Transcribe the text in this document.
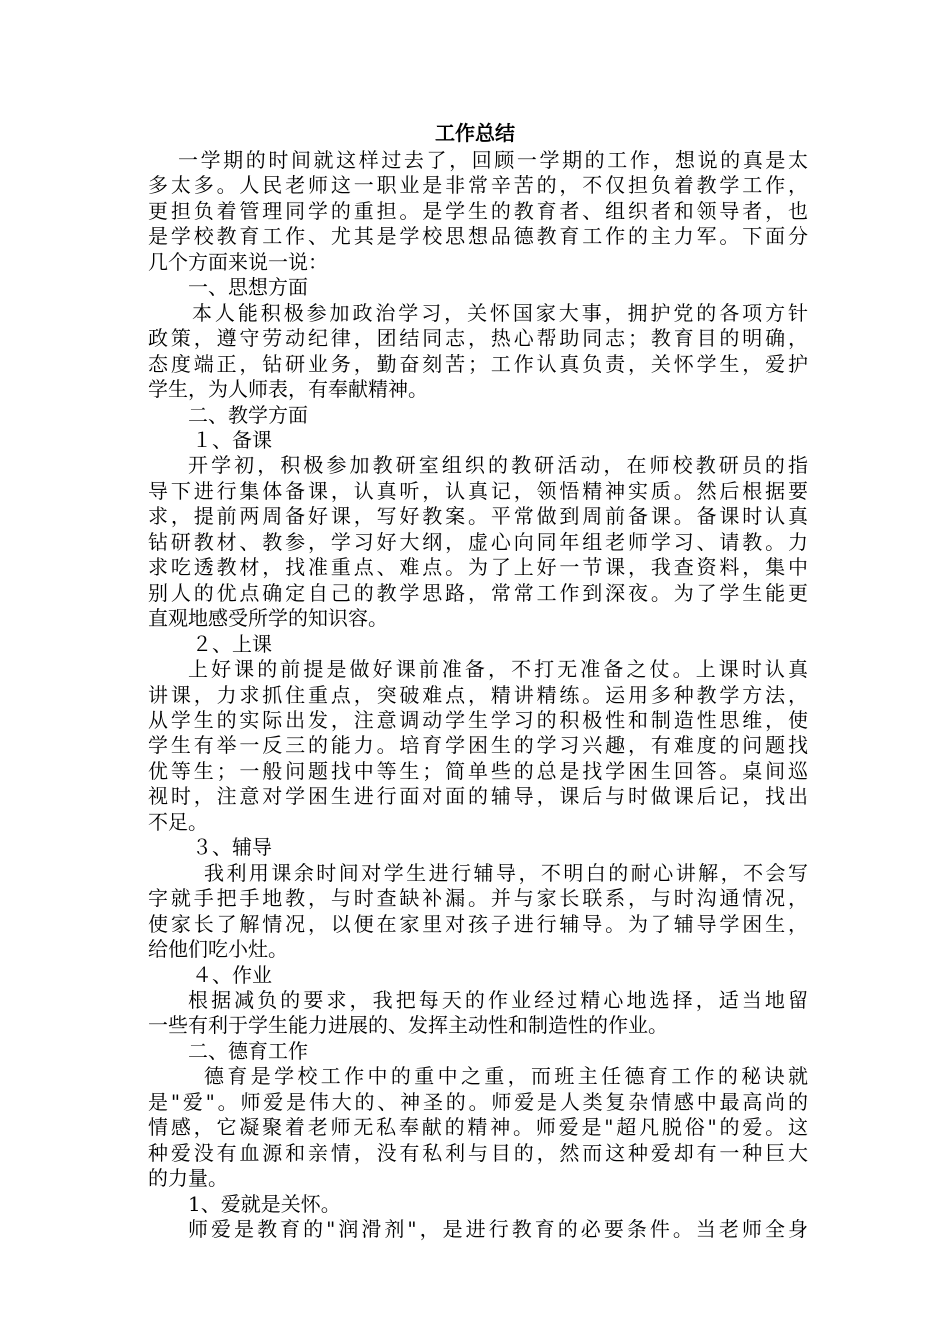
工作总结

一学期的时间就这样过去了，回顾一学期的工作，想说的真是太

多太多。人民老师这一职业是非常辛苦的，不仅担负着教学工作，

更担负着管理同学的重担。是学生的教育者、组织者和领导者，也

是学校教育工作、尤其是学校思想品德教育工作的主力军。下面分

几个方面来说一说：

一、思想方面

本人能积极参加政治学习，关怀国家大事，拥护党的各项方针

政策，遵守劳动纪律，团结同志，热心帮助同志；教育目的明确，

态度端正，钻研业务，勤奋刻苦；工作认真负责，关怀学生，爱护

学生，为人师表，有奉献精神。

二、教学方面

１、备课

开学初，积极参加教研室组织的教研活动，在师校教研员的指

导下进行集体备课，认真听，认真记，领悟精神实质。然后根据要

求，提前两周备好课，写好教案。平常做到周前备课。备课时认真

钻研教材、教参，学习好大纲，虚心向同年组老师学习、请教。力

求吃透教材，找准重点、难点。为了上好一节课，我查资料，集中

别人的优点确定自己的教学思路，常常工作到深夜。为了学生能更

直观地感受所学的知识容。

２、上课

上好课的前提是做好课前准备，不打无准备之仗。上课时认真

讲课，力求抓住重点，突破难点，精讲精练。运用多种教学方法，

从学生的实际出发，注意调动学生学习的积极性和制造性思维，使

学生有举一反三的能力。培育学困生的学习兴趣，有难度的问题找

优等生；一般问题找中等生；简单些的总是找学困生回答。桌间巡

视时，注意对学困生进行面对面的辅导，课后与时做课后记，找出

不足。

３、辅导

我利用课余时间对学生进行辅导，不明白的耐心讲解，不会写

字就手把手地教，与时查缺补漏。并与家长联系，与时沟通情况，

使家长了解情况，以便在家里对孩子进行辅导。为了辅导学困生，

给他们吃小灶。

４、作业

根据减负的要求，我把每天的作业经过精心地选择，适当地留

一些有利于学生能力进展的、发挥主动性和制造性的作业。

二、德育工作

德育是学校工作中的重中之重，而班主任德育工作的秘诀就

是"爱"。师爱是伟大的、神圣的。师爱是人类复杂情感中最高尚的

情感，它凝聚着老师无私奉献的精神。师爱是"超凡脱俗"的爱。这

种爱没有血源和亲情，没有私利与目的，然而这种爱却有一种巨大

的力量。

1、爱就是关怀。

师爱是教育的"润滑剂"，是进行教育的必要条件。当老师全身
